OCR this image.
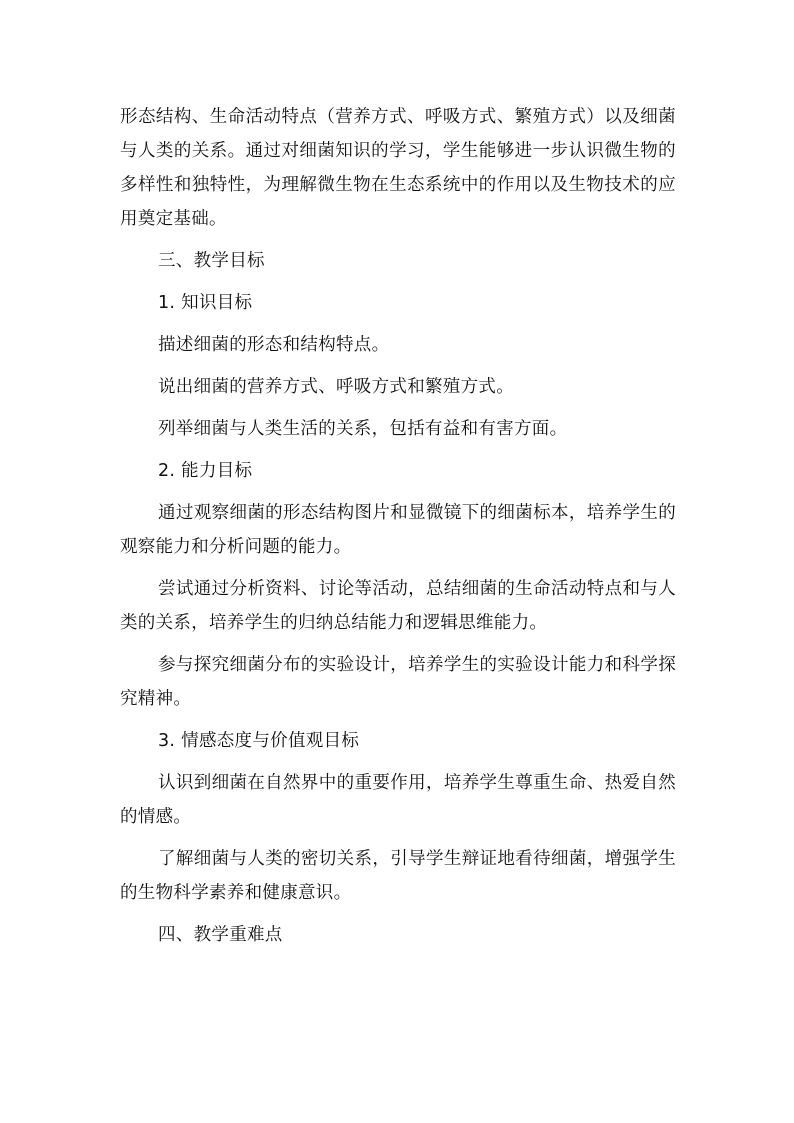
形态结构、生命活动特点（营养方式、呼吸方式、繁殖方式）以及细菌与人类的关系。通过对细菌知识的学习，学生能够进一步认识微生物的多样性和独特性，为理解微生物在生态系统中的作用以及生物技术的应用奠定基础。

三、教学目标

1. 知识目标

描述细菌的形态和结构特点。

说出细菌的营养方式、呼吸方式和繁殖方式。

列举细菌与人类生活的关系，包括有益和有害方面。

2. 能力目标

通过观察细菌的形态结构图片和显微镜下的细菌标本，培养学生的观察能力和分析问题的能力。

尝试通过分析资料、讨论等活动，总结细菌的生命活动特点和与人类的关系，培养学生的归纳总结能力和逻辑思维能力。

参与探究细菌分布的实验设计，培养学生的实验设计能力和科学探究精神。

3. 情感态度与价值观目标

认识到细菌在自然界中的重要作用，培养学生尊重生命、热爱自然的情感。

了解细菌与人类的密切关系，引导学生辩证地看待细菌，增强学生的生物科学素养和健康意识。

四、教学重难点
